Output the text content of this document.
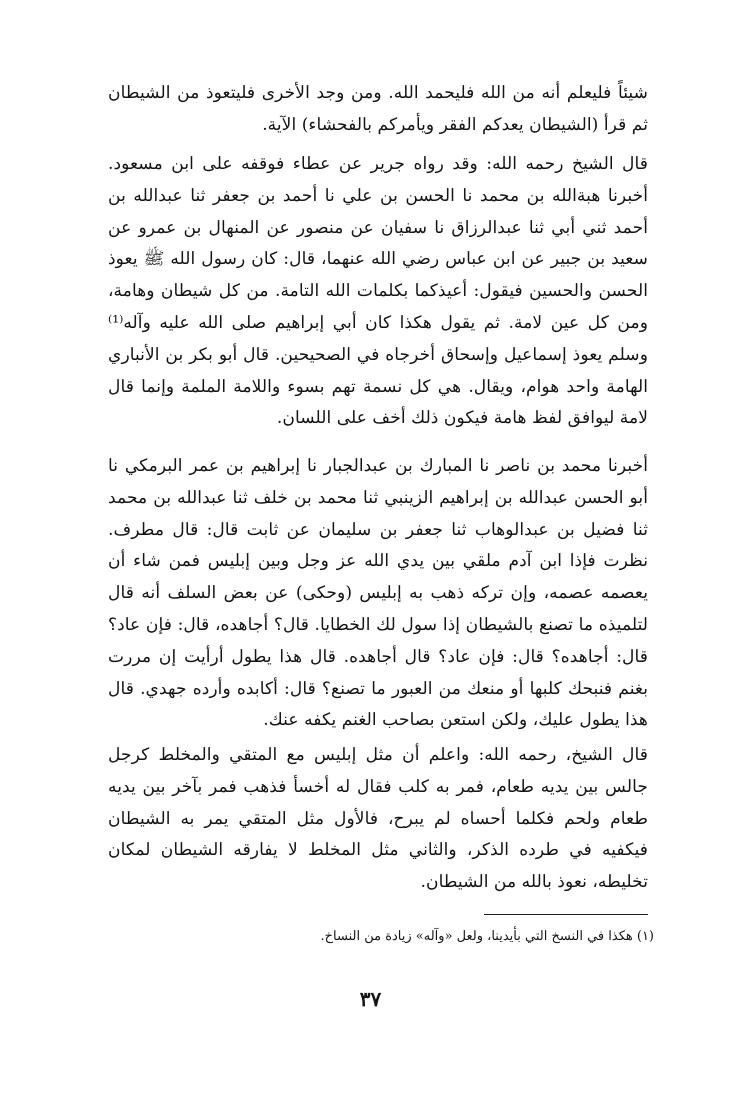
شيئاً فليعلم أنه من الله فليحمد الله. ومن وجد الأخرى فليتعوذ من الشيطان ثم قرأ (الشيطان يعدكم الفقر ويأمركم بالفحشاء) الآية.

قال الشيخ رحمه الله: وقد رواه جرير عن عطاء فوقفه على ابن مسعود. أخبرنا هبةالله بن محمد نا الحسن بن علي نا أحمد بن جعفر ثنا عبدالله بن أحمد ثني أبي ثنا عبدالرزاق نا سفيان عن منصور عن المنهال بن عمرو عن سعيد بن جبير عن ابن عباس رضي الله عنهما، قال: كان رسول الله ﷺ يعوذ الحسن والحسين فيقول: أعيذكما بكلمات الله التامة. من كل شيطان وهامة، ومن كل عين لامة. ثم يقول هكذا كان أبي إبراهيم صلى الله عليه وآله⁽¹⁾ وسلم يعوذ إسماعيل وإسحاق أخرجاه في الصحيحين. قال أبو بكر بن الأنباري الهامة واحد هوام، ويقال. هي كل نسمة تهم بسوء واللامة الملمة وإنما قال لامة ليوافق لفظ هامة فيكون ذلك أخف على اللسان.

أخبرنا محمد بن ناصر نا المبارك بن عبدالجبار نا إبراهيم بن عمر البرمكي نا أبو الحسن عبدالله بن إبراهيم الزينبي ثنا محمد بن خلف ثنا عبدالله بن محمد ثنا فضيل بن عبدالوهاب ثنا جعفر بن سليمان عن ثابت قال: قال مطرف. نظرت فإذا ابن آدم ملقي بين يدي الله عز وجل وبين إبليس فمن شاء أن يعصمه عصمه، وإن تركه ذهب به إبليس (وحكى) عن بعض السلف أنه قال لتلميذه ما تصنع بالشيطان إذا سول لك الخطايا. قال؟ أجاهده، قال: فإن عاد؟ قال: أجاهده؟ قال: فإن عاد؟ قال أجاهده. قال هذا يطول أرأيت إن مررت بغنم فنبحك كلبها أو منعك من العبور ما تصنع؟ قال: أكابده وأرده جهدي. قال هذا يطول عليك، ولكن استعن بصاحب الغنم يكفه عنك.

قال الشيخ، رحمه الله: واعلم أن مثل إبليس مع المتقي والمخلط كرجل جالس بين يديه طعام، فمر به كلب فقال له أخسأ فذهب فمر بآخر بين يديه طعام ولحم فكلما أحساه لم يبرح، فالأول مثل المتقي يمر به الشيطان فيكفيه في طرده الذكر، والثاني مثل المخلط لا يفارقه الشيطان لمكان تخليطه، نعوذ بالله من الشيطان.

(١) هكذا في النسخ التي بأيدينا، ولعل «وآله» زيادة من النساخ.
٣٧
